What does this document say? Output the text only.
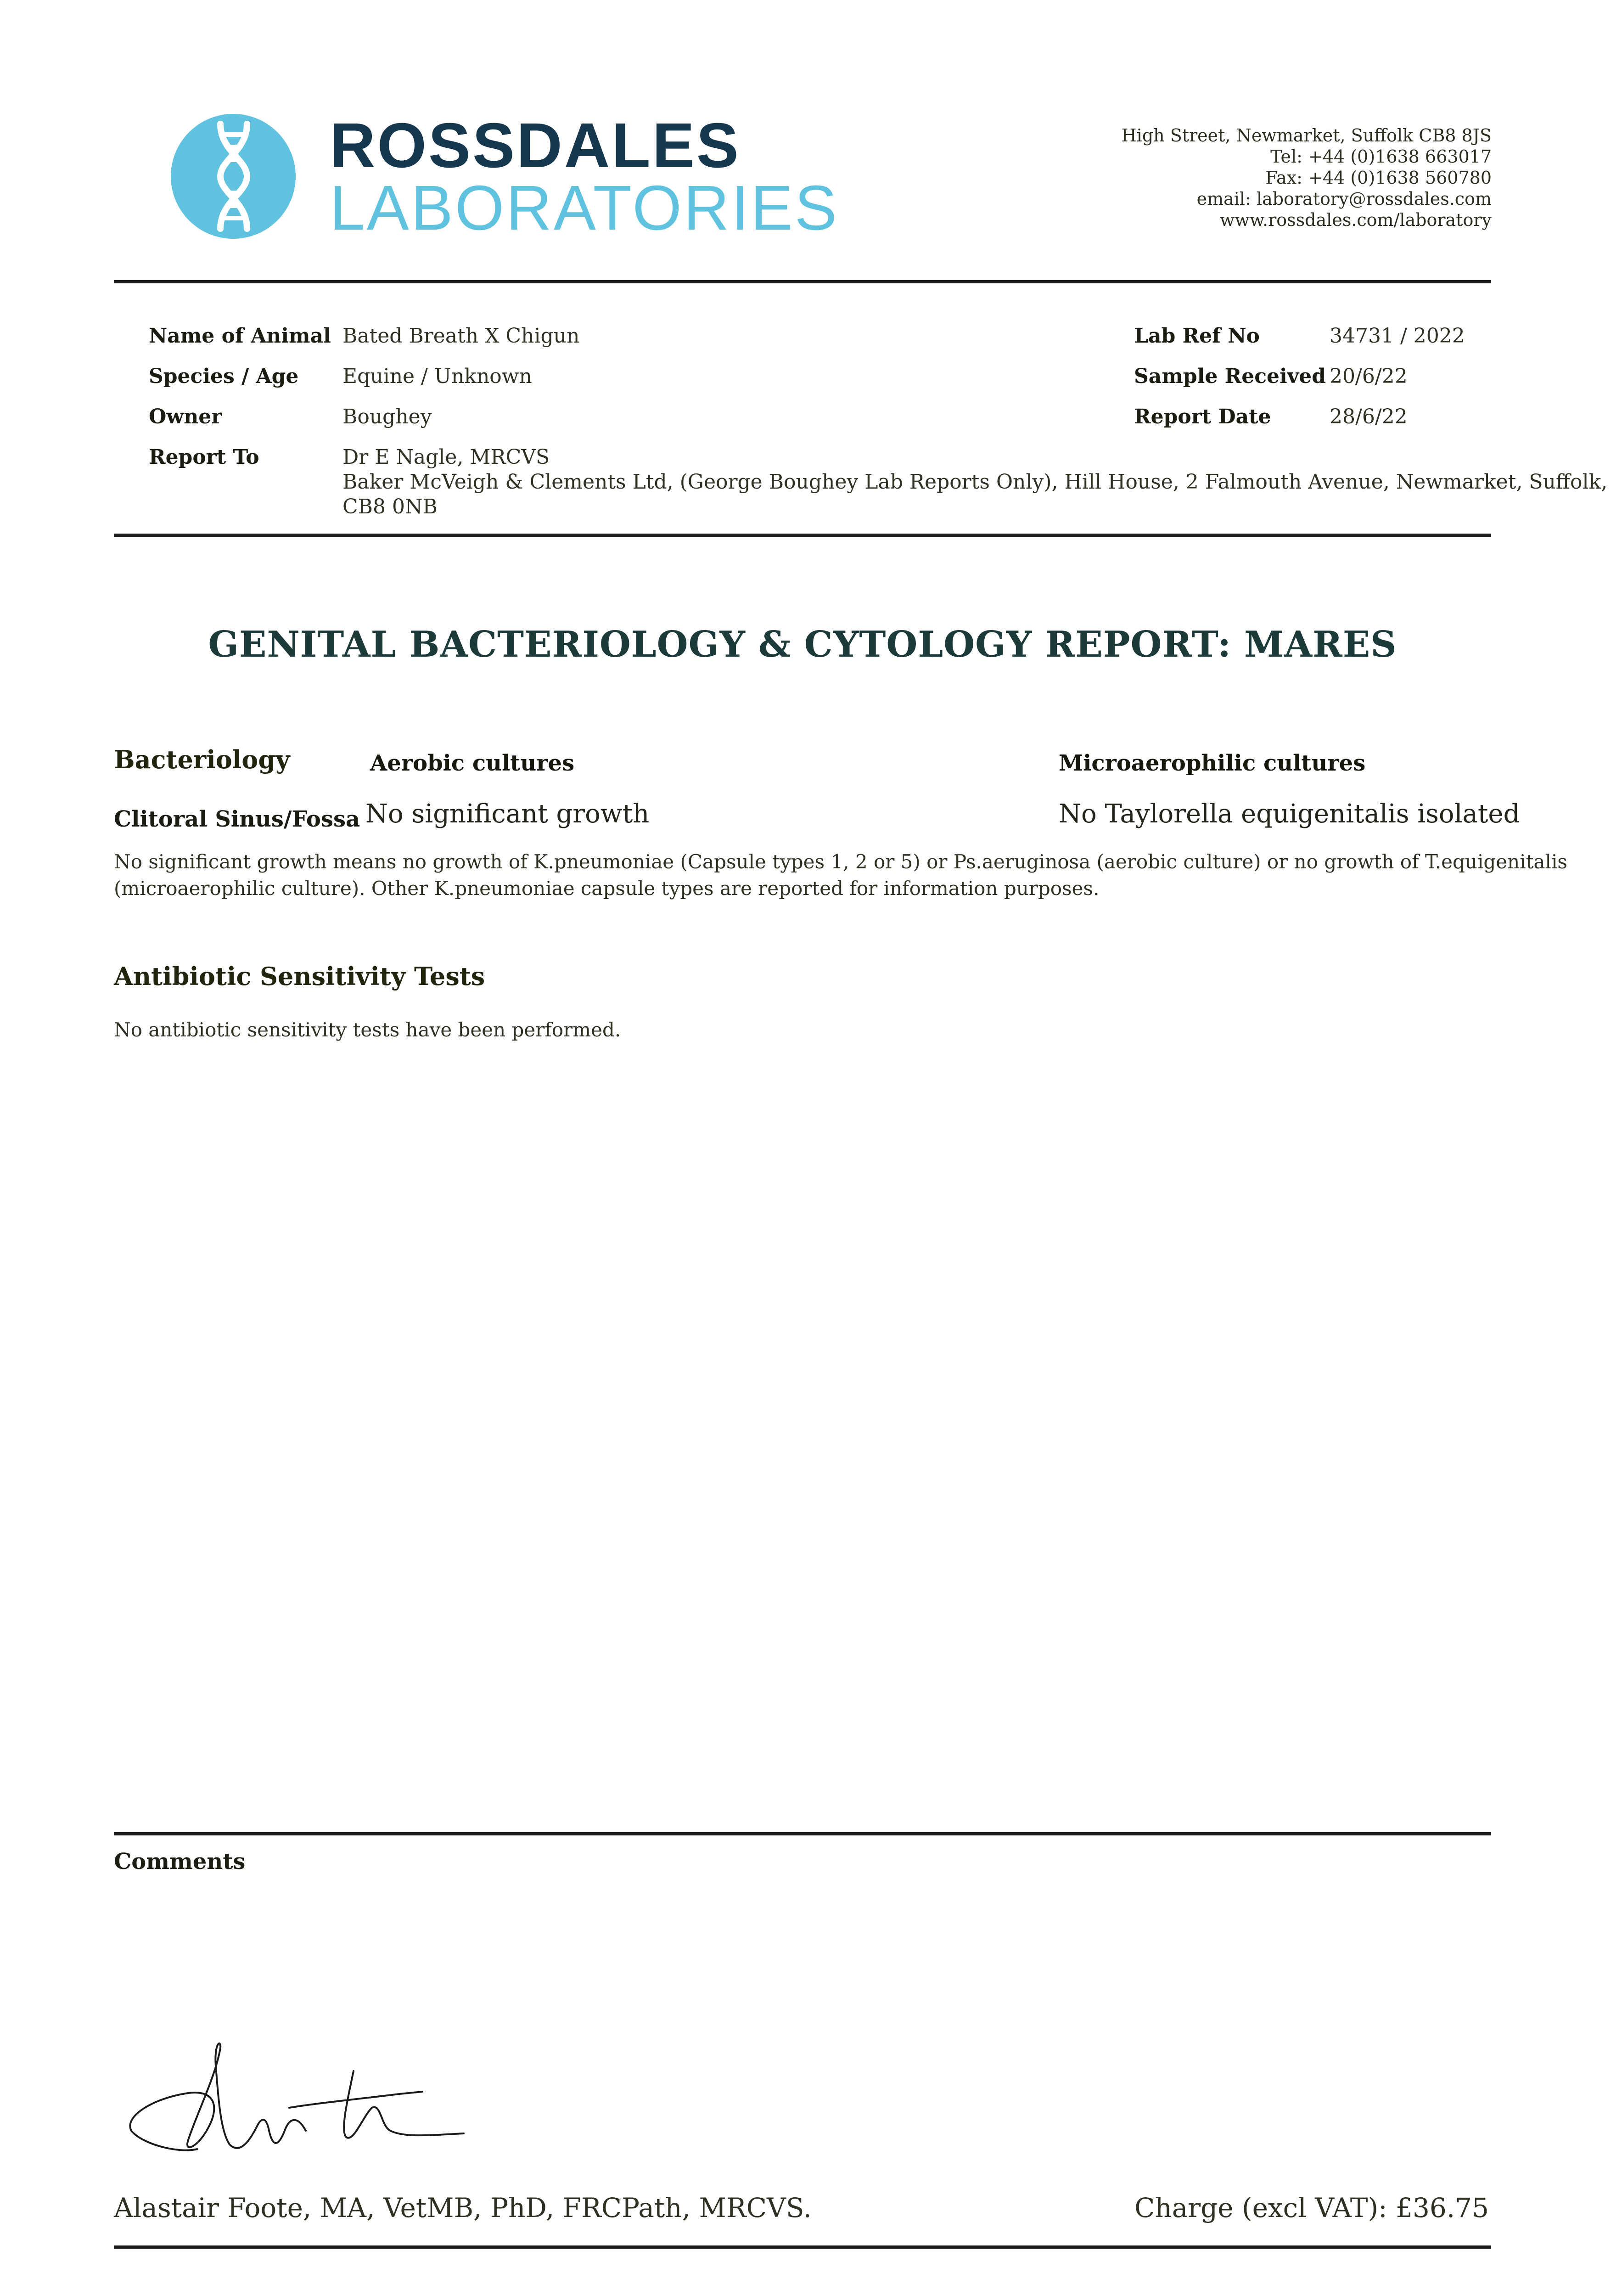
ROSSDALES
LABORATORIES
High Street, Newmarket, Suffolk CB8 8JS
Tel: +44 (0)1638 663017
Fax: +44 (0)1638 560780
email: laboratory@rossdales.com
www.rossdales.com/laboratory
Name of Animal Bated Breath X Chigun
Species / Age Equine / Unknown
Owner	Boughey
Report To	Dr E Nagle, MRCVS
Baker McVeigh & Clements Ltd, (George Boughey Lab Reports Only), Hill House, 2 Falmouth Avenue, Newmarket, Suffolk,
CB8 0NB
Lab Ref No	34731 / 2022
Sample Received 20/6/22
Report Date	28/6/22
GENITAL BACTERIOLOGY & CYTOLOGY REPORT: MARES
Bacteriology	Aerobic cultures	Microaerophilic cultures
Clitoral Sinus/Fossa No significant growth	No Taylorella equigenitalis isolated
No significant growth means no growth of K.pneumoniae (Capsule types 1, 2 or 5) or Ps.aeruginosa (aerobic culture) or no growth of T.equigenitalis
(microaerophilic culture). Other K.pneumoniae capsule types are reported for information purposes.
Antibiotic Sensitivity Tests
No antibiotic sensitivity tests have been performed.
Comments
Alastair Foote, MA, VetMB, PhD, FRCPath, MRCVS.	Charge (excl VAT): £36.75
